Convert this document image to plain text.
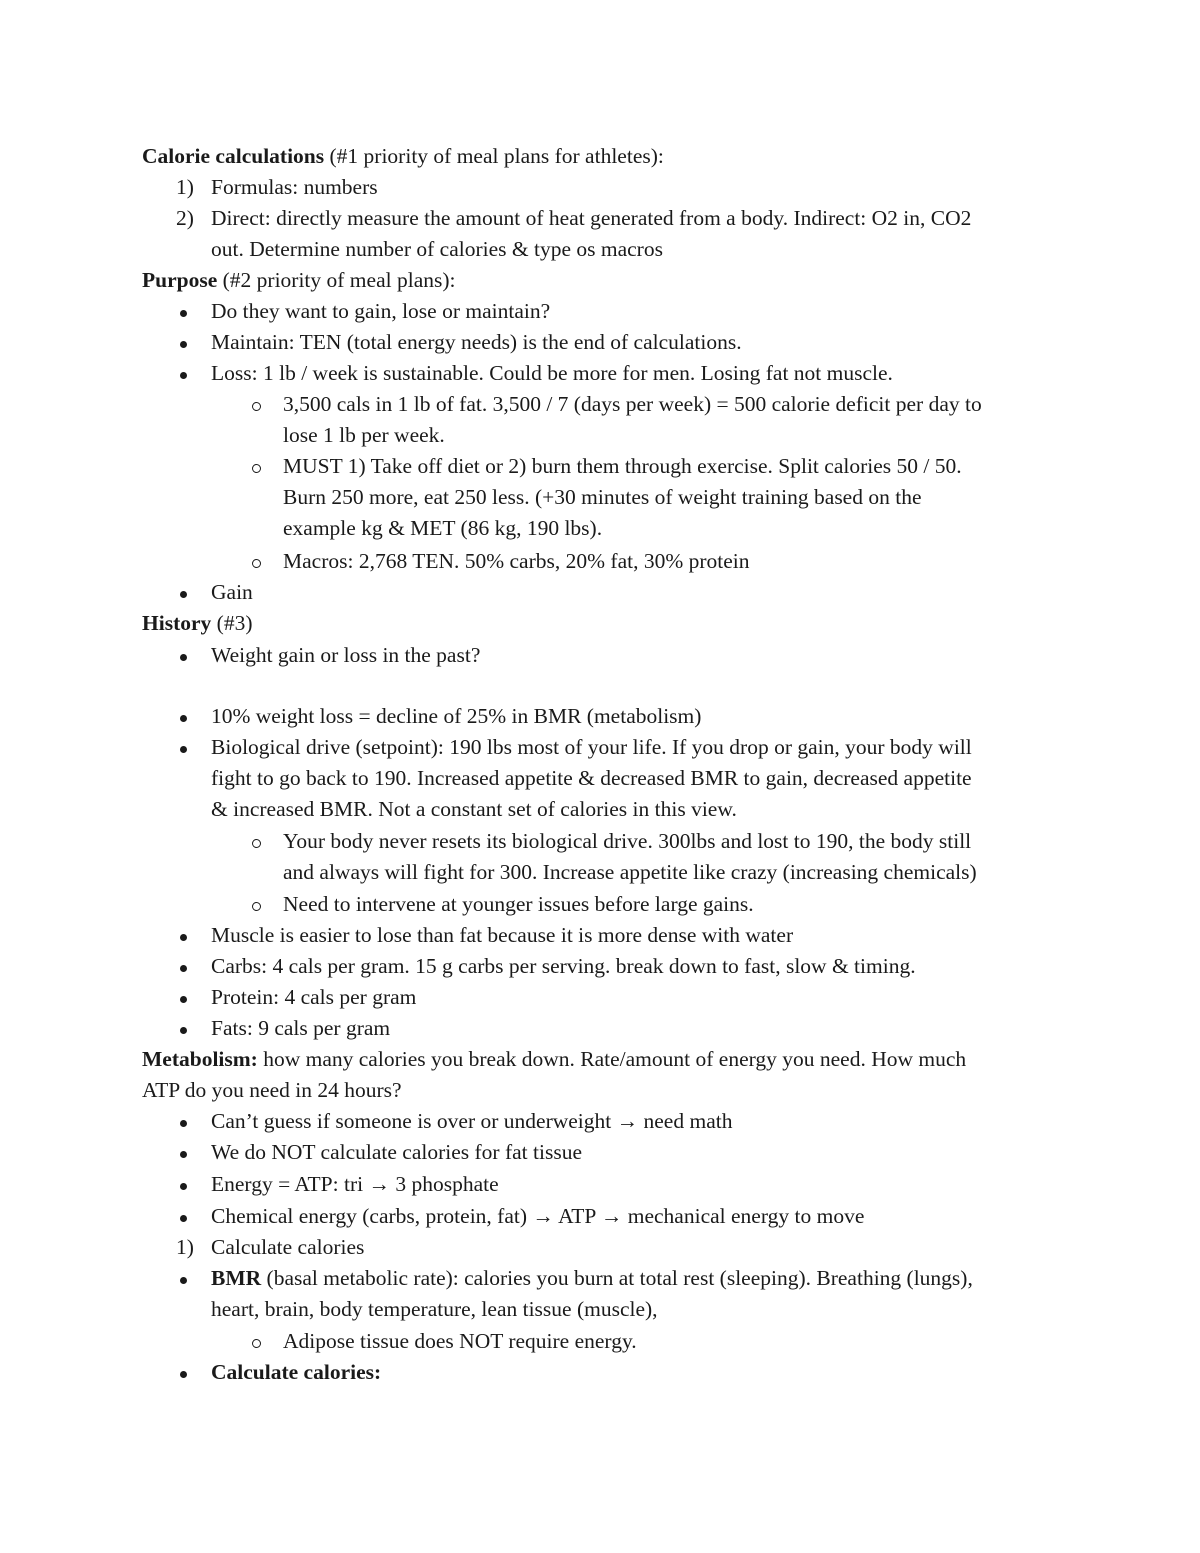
Calorie calculations (#1 priority of meal plans for athletes):
1) Formulas: numbers
2) Direct: directly measure the amount of heat generated from a body. Indirect: O2 in, CO2
out. Determine number of calories & type os macros
Purpose (#2 priority of meal plans):
Do they want to gain, lose or maintain?
Maintain: TEN (total energy needs) is the end of calculations.
Loss: 1 lb / week is sustainable. Could be more for men. Losing fat not muscle.
3,500 cals in 1 lb of fat. 3,500 / 7 (days per week) = 500 calorie deficit per day to
lose 1 lb per week.
MUST 1) Take off diet or 2) burn them through exercise. Split calories 50 / 50.
Burn 250 more, eat 250 less. (+30 minutes of weight training based on the
example kg & MET (86 kg, 190 lbs).
Macros: 2,768 TEN. 50% carbs, 20% fat, 30% protein
Gain
History (#3)
Weight gain or loss in the past?
10% weight loss = decline of 25% in BMR (metabolism)
Biological drive (setpoint): 190 lbs most of your life. If you drop or gain, your body will
fight to go back to 190. Increased appetite & decreased BMR to gain, decreased appetite
& increased BMR. Not a constant set of calories in this view.
Your body never resets its biological drive. 300lbs and lost to 190, the body still
and always will fight for 300. Increase appetite like crazy (increasing chemicals)
Need to intervene at younger issues before large gains.
Muscle is easier to lose than fat because it is more dense with water
Carbs: 4 cals per gram. 15 g carbs per serving. break down to fast, slow & timing.
Protein: 4 cals per gram
Fats: 9 cals per gram
Metabolism: how many calories you break down. Rate/amount of energy you need. How much
ATP do you need in 24 hours?
Can’t guess if someone is over or underweight → need math
We do NOT calculate calories for fat tissue
Energy = ATP: tri → 3 phosphate
Chemical energy (carbs, protein, fat) → ATP → mechanical energy to move
1) Calculate calories
BMR (basal metabolic rate): calories you burn at total rest (sleeping). Breathing (lungs),
heart, brain, body temperature, lean tissue (muscle),
Adipose tissue does NOT require energy.
Calculate calories:
